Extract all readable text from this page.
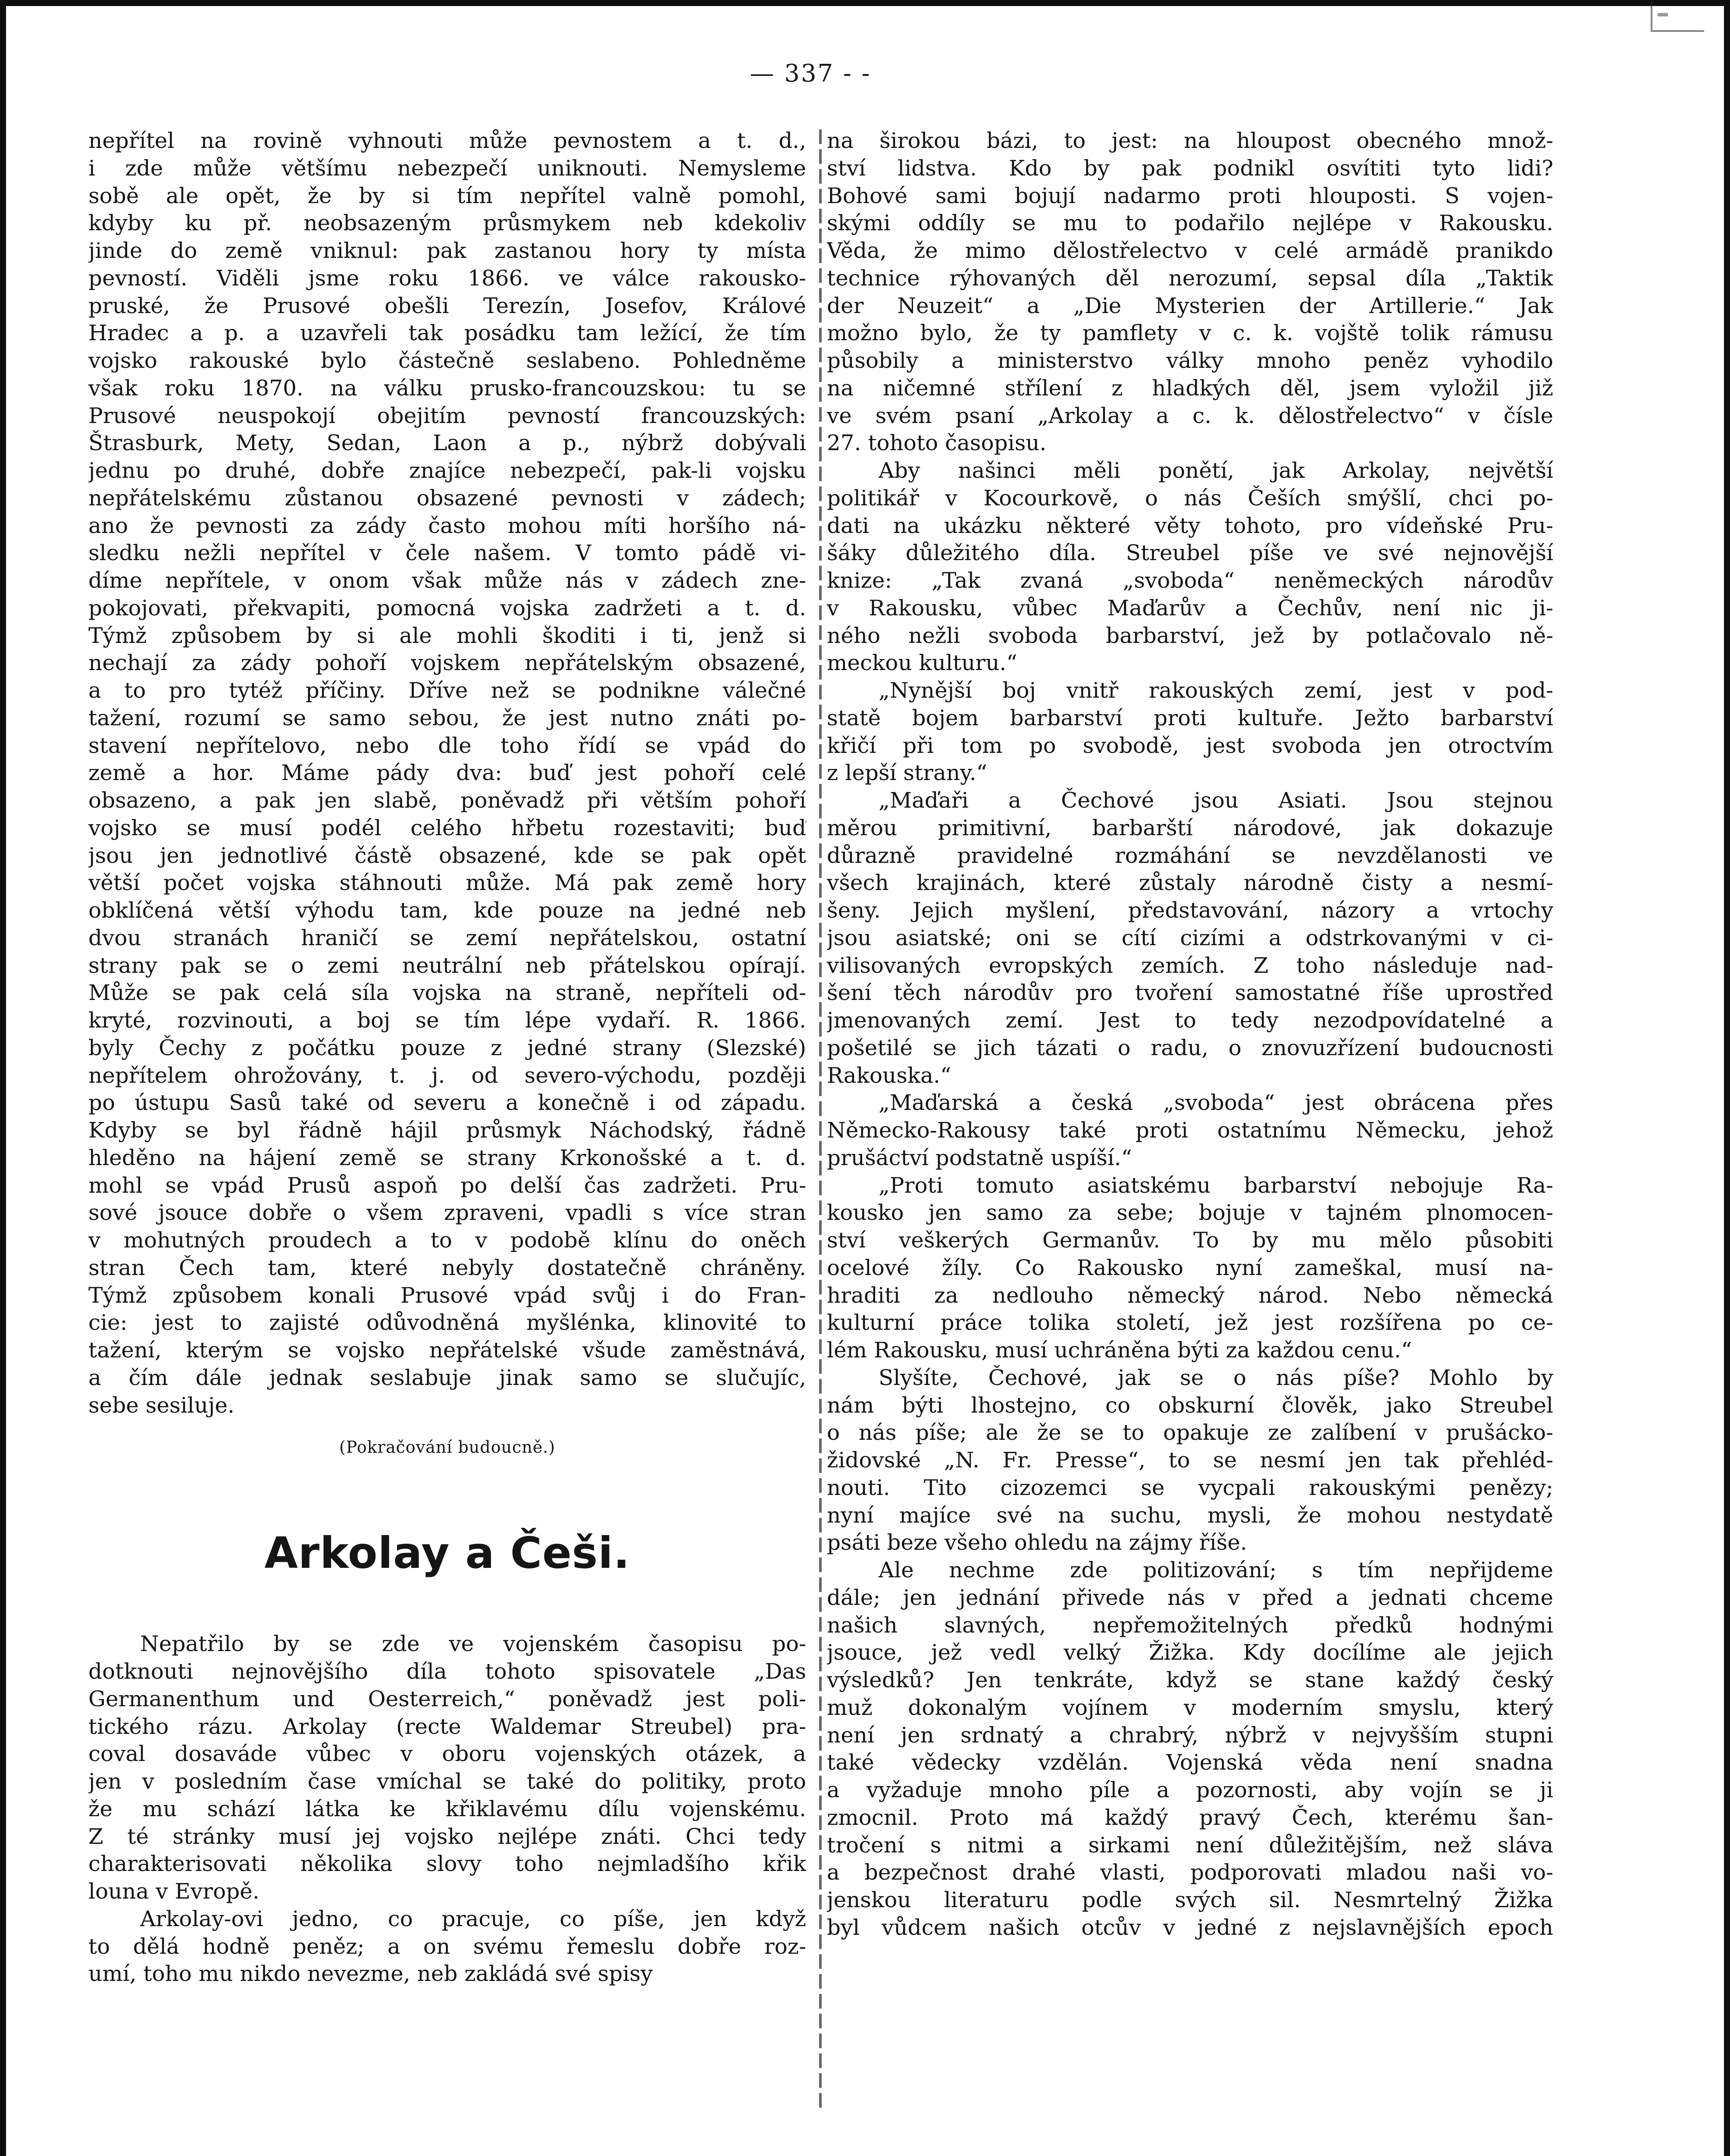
— 337 - -
nepřítel na rovině vyhnouti může pevnostem a t. d.,
i zde může většímu nebezpečí uniknouti. Nemysleme
sobě ale opět, že by si tím nepřítel valně pomohl,
kdyby ku př. neobsazeným průsmykem neb kdekoliv
jinde do země vniknul: pak zastanou hory ty místa
pevností. Viděli jsme roku 1866. ve válce rakousko-
pruské, že Prusové obešli Terezín, Josefov, Králové
Hradec a p. a uzavřeli tak posádku tam ležící, že tím
vojsko rakouské bylo částečně seslabeno. Pohledněme
však roku 1870. na válku prusko-francouzskou: tu se
Prusové neuspokojí obejitím pevností francouzských:
Štrasburk, Mety, Sedan, Laon a p., nýbrž dobývali
jednu po druhé, dobře znajíce nebezpečí, pak-li vojsku
nepřátelskému zůstanou obsazené pevnosti v zádech;
ano že pevnosti za zády často mohou míti horšího ná-
sledku nežli nepřítel v čele našem. V tomto pádě vi-
díme nepřítele, v onom však může nás v zádech zne-
pokojovati, překvapiti, pomocná vojska zadržeti a t. d.
Týmž způsobem by si ale mohli škoditi i ti, jenž si
nechají za zády pohoří vojskem nepřátelským obsazené,
a to pro tytéž příčiny. Dříve než se podnikne válečné
tažení, rozumí se samo sebou, že jest nutno znáti po-
stavení nepřítelovo, nebo dle toho řídí se vpád do
země a hor. Máme pády dva: buď jest pohoří celé
obsazeno, a pak jen slabě, poněvadž při větším pohoří
vojsko se musí podél celého hřbetu rozestaviti; buď
jsou jen jednotlivé částě obsazené, kde se pak opět
větší počet vojska stáhnouti může. Má pak země hory
obklíčená větší výhodu tam, kde pouze na jedné neb
dvou stranách hraničí se zemí nepřátelskou, ostatní
strany pak se o zemi neutrální neb přátelskou opírají.
Může se pak celá síla vojska na straně, nepříteli od-
kryté, rozvinouti, a boj se tím lépe vydaří. R. 1866.
byly Čechy z počátku pouze z jedné strany (Slezské)
nepřítelem ohrožovány, t. j. od severo-východu, později
po ústupu Sasů také od severu a konečně i od západu.
Kdyby se byl řádně hájil průsmyk Náchodský, řádně
hleděno na hájení země se strany Krkonošské a t. d.
mohl se vpád Prusů aspoň po delší čas zadržeti. Pru-
sové jsouce dobře o všem zpraveni, vpadli s více stran
v mohutných proudech a to v podobě klínu do oněch
stran Čech tam, které nebyly dostatečně chráněny.
Týmž způsobem konali Prusové vpád svůj i do Fran-
cie: jest to zajisté odůvodněná myšlénka, klinovité to
tažení, kterým se vojsko nepřátelské všude zaměstnává,
a čím dále jednak seslabuje jinak samo se slučujíc,
sebe sesiluje.
(Pokračování budoucně.)
Arkolay a Češi.
Nepatřilo by se zde ve vojenském časopisu po-
dotknouti nejnovějšího díla tohoto spisovatele „Das
Germanenthum und Oesterreich,“ poněvadž jest poli-
tického rázu. Arkolay (recte Waldemar Streubel) pra-
coval dosaváde vůbec v oboru vojenských otázek, a
jen v posledním čase vmíchal se také do politiky, proto
že mu schází látka ke křiklavému dílu vojenskému.
Z té stránky musí jej vojsko nejlépe znáti. Chci tedy
charakterisovati několika slovy toho nejmladšího křik
louna v Evropě.
Arkolay-ovi jedno, co pracuje, co píše, jen když
to dělá hodně peněz; a on svému řemeslu dobře roz-
umí, toho mu nikdo nevezme, neb zakládá své spisy
na širokou bázi, to jest: na hloupost obecného množ-
ství lidstva. Kdo by pak podnikl osvítiti tyto lidi?
Bohové sami bojují nadarmo proti hlouposti. S vojen-
skými oddíly se mu to podařilo nejlépe v Rakousku.
Věda, že mimo dělostřelectvo v celé armádě pranikdo
technice rýhovaných děl nerozumí, sepsal díla „Taktik
der Neuzeit“ a „Die Mysterien der Artillerie.“ Jak
možno bylo, že ty pamflety v c. k. vojště tolik rámusu
působily a ministerstvo války mnoho peněz vyhodilo
na ničemné střílení z hladkých děl, jsem vyložil již
ve svém psaní „Arkolay a c. k. dělostřelectvo“ v čísle
27. tohoto časopisu.
Aby našinci měli ponětí, jak Arkolay, největší
politikář v Kocourkově, o nás Češích smýšlí, chci po-
dati na ukázku některé věty tohoto, pro vídeňské Pru-
šáky důležitého díla. Streubel píše ve své nejnovější
knize: „Tak zvaná „svoboda“ neněmeckých národův
v Rakousku, vůbec Maďarův a Čechův, není nic ji-
ného nežli svoboda barbarství, jež by potlačovalo ně-
meckou kulturu.“
„Nynější boj vnitř rakouských zemí, jest v pod-
statě bojem barbarství proti kultuře. Ježto barbarství
křičí při tom po svobodě, jest svoboda jen otroctvím
z lepší strany.“
„Maďaři a Čechové jsou Asiati. Jsou stejnou
měrou primitivní, barbarští národové, jak dokazuje
důrazně pravidelné rozmáhání se nevzdělanosti ve
všech krajinách, které zůstaly národně čisty a nesmí-
šeny. Jejich myšlení, představování, názory a vrtochy
jsou asiatské; oni se cítí cizími a odstrkovanými v ci-
vilisovaných evropských zemích. Z toho následuje nad-
šení těch národův pro tvoření samostatné říše uprostřed
jmenovaných zemí. Jest to tedy nezodpovídatelné a
pošetilé se jich tázati o radu, o znovuzřízení budoucnosti
Rakouska.“
„Maďarská a česká „svoboda“ jest obrácena přes
Německo-Rakousy také proti ostatnímu Německu, jehož
prušáctví podstatně uspíší.“
„Proti tomuto asiatskému barbarství nebojuje Ra-
kousko jen samo za sebe; bojuje v tajném plnomocen-
ství veškerých Germanův. To by mu mělo působiti
ocelové žíly. Co Rakousko nyní zameškal, musí na-
hraditi za nedlouho německý národ. Nebo německá
kulturní práce tolika století, jež jest rozšířena po ce-
lém Rakousku, musí uchráněna býti za každou cenu.“
Slyšíte, Čechové, jak se o nás píše? Mohlo by
nám býti lhostejno, co obskurní člověk, jako Streubel
o nás píše; ale že se to opakuje ze zalíbení v prušácko-
židovské „N. Fr. Presse“, to se nesmí jen tak přehléd-
nouti. Tito cizozemci se vycpali rakouskými penězy;
nyní majíce své na suchu, mysli, že mohou nestydatě
psáti beze všeho ohledu na zájmy říše.
Ale nechme zde politizování; s tím nepřijdeme
dále; jen jednání přivede nás v před a jednati chceme
našich slavných, nepřemožitelných předků hodnými
jsouce, jež vedl velký Žižka. Kdy docílíme ale jejich
výsledků? Jen tenkráte, když se stane každý český
muž dokonalým vojínem v moderním smyslu, který
není jen srdnatý a chrabrý, nýbrž v nejvyšším stupni
také vědecky vzdělán. Vojenská věda není snadna
a vyžaduje mnoho píle a pozornosti, aby vojín se ji
zmocnil. Proto má každý pravý Čech, kterému šan-
tročení s nitmi a sirkami není důležitějším, než sláva
a bezpečnost drahé vlasti, podporovati mladou naši vo-
jenskou literaturu podle svých sil. Nesmrtelný Žižka
byl vůdcem našich otcův v jedné z nejslavnějších epoch
